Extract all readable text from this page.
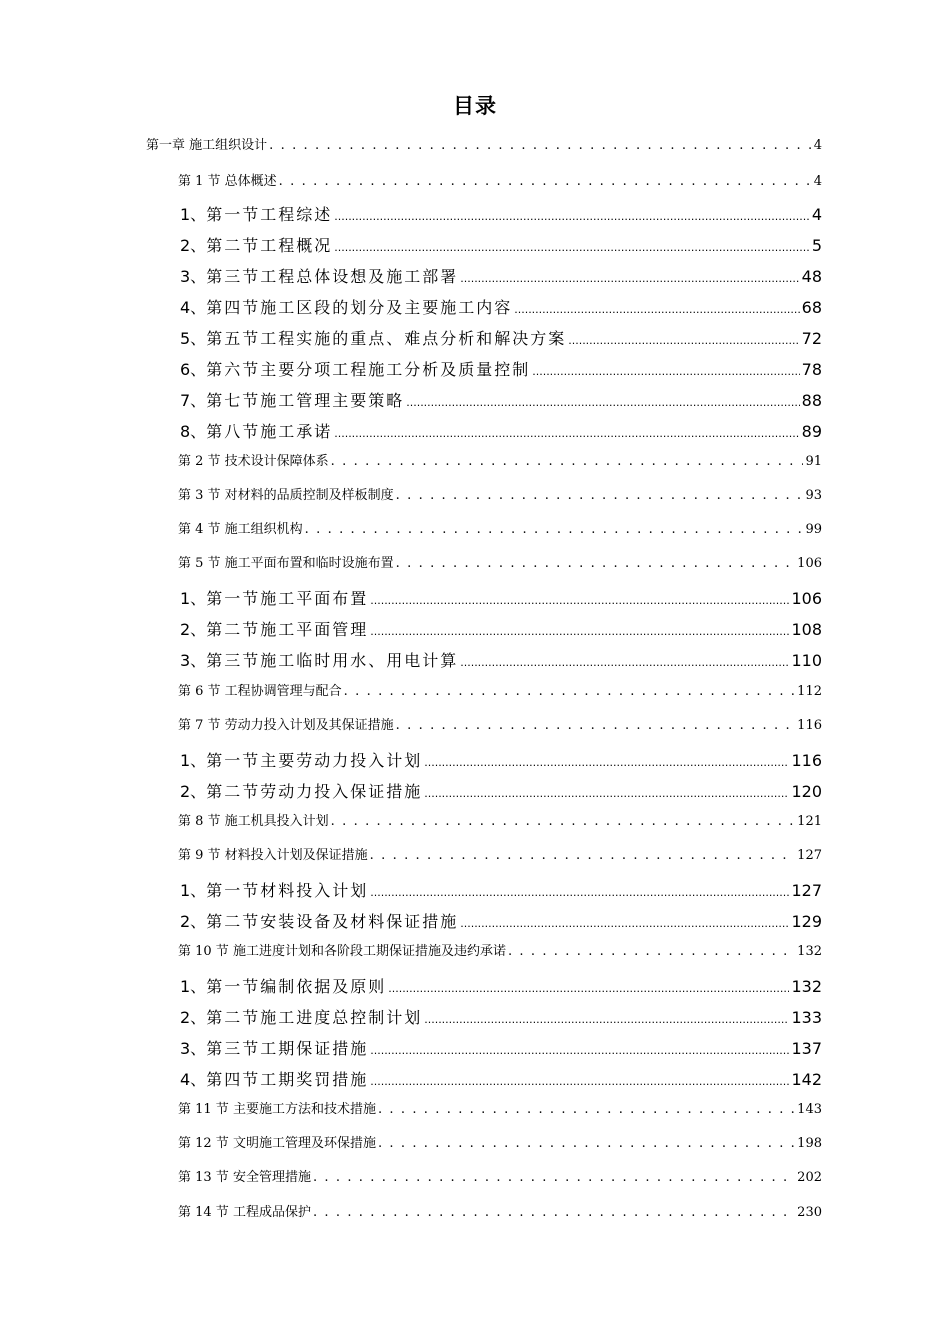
目录
第一章 施工组织设计 . . .	4
第 1 节 总体概述 . . .	4
1、 第一节工程综述 .....	4
2、 第二节工程概况 .....	5
3、 第三节工程总体设想及施工部署 .....	48
4、 第四节施工区段的划分及主要施工内容 .....	68
5、 第五节工程实施的重点、难点分析和解决方案 .....	72
6、 第六节主要分项工程施工分析及质量控制 .....	78
7、 第七节施工管理主要策略 .....	88
8、 第八节施工承诺 .....	89
第 2 节 技术设计保障体系 . . .	91
第 3 节 对材料的品质控制及样板制度 . . .	93
第 4 节 施工组织机构 . . .	99
第 5 节 施工平面布置和临时设施布置 . . .	106
1、 第一节施工平面布置 .....	106
2、 第二节施工平面管理 .....	108
3、 第三节施工临时用水、用电计算 .....	110
第 6 节 工程协调管理与配合 . . .	112
第 7 节 劳动力投入计划及其保证措施 . . .	116
1、 第一节主要劳动力投入计划 .....	116
2、 第二节劳动力投入保证措施 .....	120
第 8 节 施工机具投入计划 . . .	121
第 9 节 材料投入计划及保证措施 . . .	127
1、 第一节材料投入计划 .....	127
2、 第二节安装设备及材料保证措施 .....	129
第 10 节 施工进度计划和各阶段工期保证措施及违约承诺 . . .	132
1、 第一节编制依据及原则 .....	132
2、 第二节施工进度总控制计划 .....	133
3、 第三节工期保证措施 .....	137
4、 第四节工期奖罚措施 .....	142
第 11 节 主要施工方法和技术措施 . . .	143
第 12 节 文明施工管理及环保措施 . . .	198
第 13 节 安全管理措施 . . .	202
第 14 节 工程成品保护 . . .	230
